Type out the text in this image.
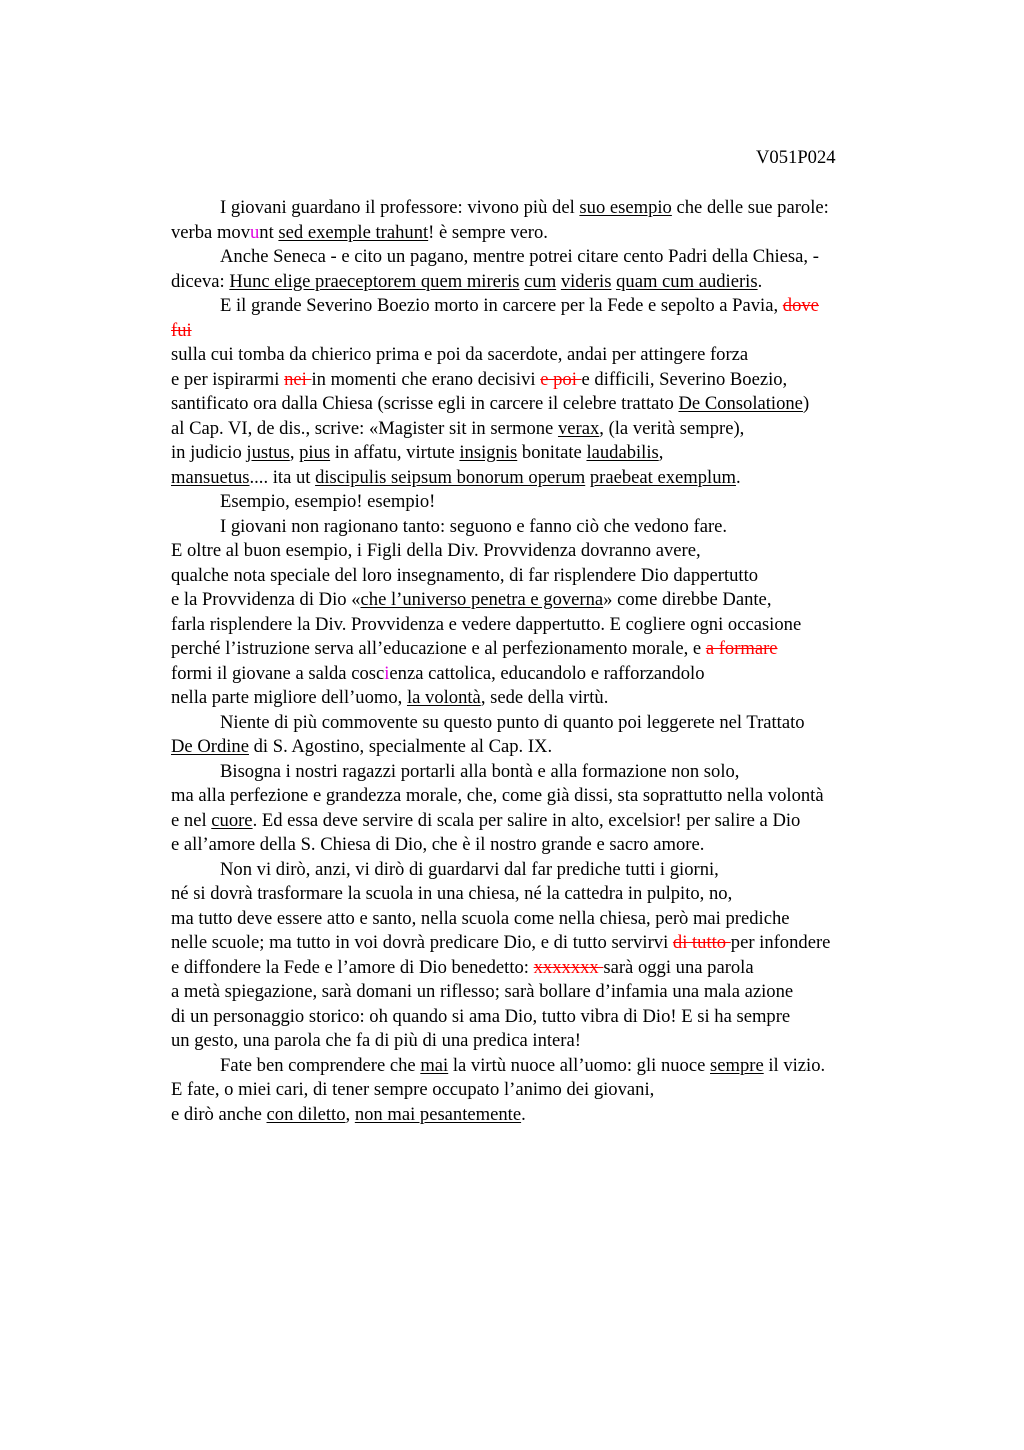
V051P024
I giovani guardano il professore: vivono più del suo esempio che delle sue parole:
verba movunt sed exemple trahunt! è sempre vero.
Anche Seneca - e cito un pagano, mentre potrei citare cento Padri della Chiesa, -
diceva: Hunc elige praeceptorem quem mireris cum videris quam cum audieris.
E il grande Severino Boezio morto in carcere per la Fede e sepolto a Pavia, dove
fui
sulla cui tomba da chierico prima e poi da sacerdote, andai per attingere forza
e per ispirarmi nei in momenti che erano decisivi e poi e difficili, Severino Boezio,
santificato ora dalla Chiesa (scrisse egli in carcere il celebre trattato De Consolatione)
al Cap. VI, de dis., scrive: «Magister sit in sermone verax, (la verità sempre),
in judicio justus, pius in affatu, virtute insignis bonitate laudabilis,
mansuetus.... ita ut discipulis seipsum bonorum operum praebeat exemplum.
Esempio, esempio! esempio!
I giovani non ragionano tanto: seguono e fanno ciò che vedono fare.
E oltre al buon esempio, i Figli della Div. Provvidenza dovranno avere,
qualche nota speciale del loro insegnamento, di far risplendere Dio dappertutto
e la Provvidenza di Dio «che l’universo penetra e governa» come direbbe Dante,
farla risplendere la Div. Provvidenza e vedere dappertutto. E cogliere ogni occasione
perché l’istruzione serva all’educazione e al perfezionamento morale, e a formare
formi il giovane a salda coscienza cattolica, educandolo e rafforzandolo
nella parte migliore dell’uomo, la volontà, sede della virtù.
Niente di più commovente su questo punto di quanto poi leggerete nel Trattato
De Ordine di S. Agostino, specialmente al Cap. IX.
Bisogna i nostri ragazzi portarli alla bontà e alla formazione non solo,
ma alla perfezione e grandezza morale, che, come già dissi, sta soprattutto nella volontà
e nel cuore. Ed essa deve servire di scala per salire in alto, excelsior! per salire a Dio
e all’amore della S. Chiesa di Dio, che è il nostro grande e sacro amore.
Non vi dirò, anzi, vi dirò di guardarvi dal far prediche tutti i giorni,
né si dovrà trasformare la scuola in una chiesa, né la cattedra in pulpito, no,
ma tutto deve essere atto e santo, nella scuola come nella chiesa, però mai prediche
nelle scuole; ma tutto in voi dovrà predicare Dio, e di tutto servirvi di tutto per infondere
e diffondere la Fede e l’amore di Dio benedetto: xxxxxxx sarà oggi una parola
a metà spiegazione, sarà domani un riflesso; sarà bollare d’infamia una mala azione
di un personaggio storico: oh quando si ama Dio, tutto vibra di Dio! E si ha sempre
un gesto, una parola che fa di più di una predica intera!
Fate ben comprendere che mai la virtù nuoce all’uomo: gli nuoce sempre il vizio.
E fate, o miei cari, di tener sempre occupato l’animo dei giovani,
e dirò anche con diletto, non mai pesantemente.
